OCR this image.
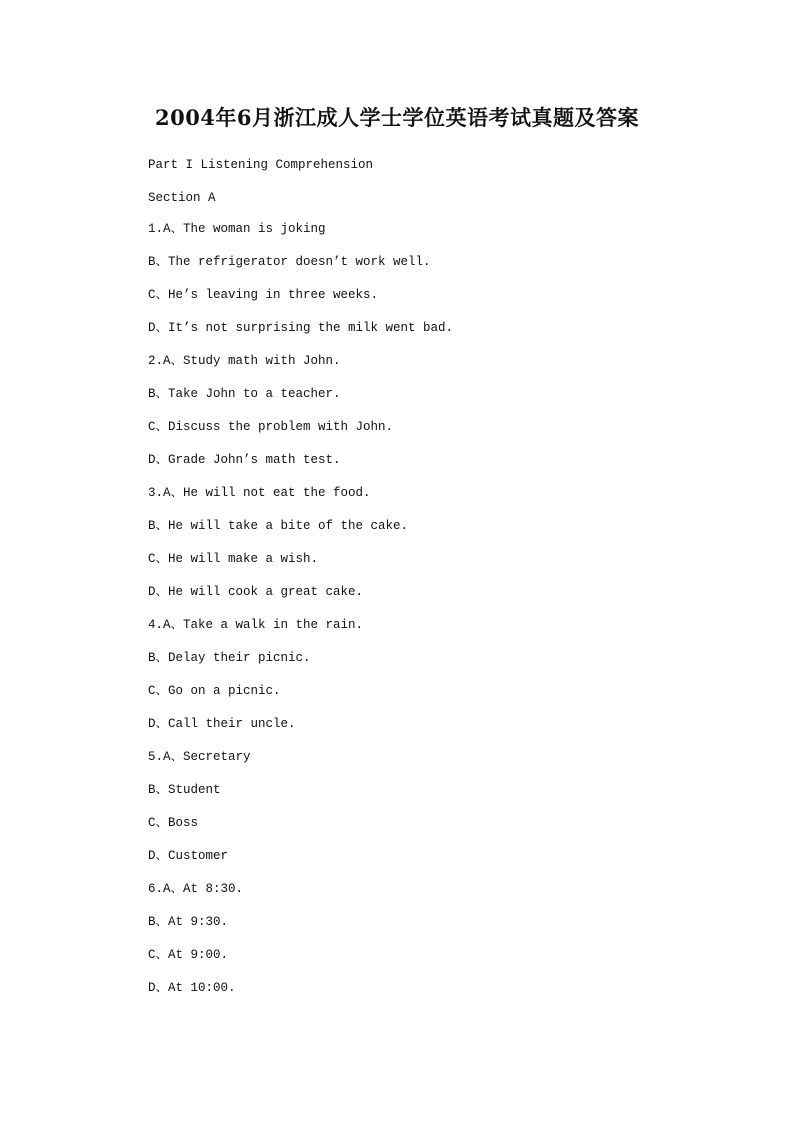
2004年6月浙江成人学士学位英语考试真题及答案
Part I Listening Comprehension
Section A
1.A、The woman is joking
B、The refrigerator doesn’t work well.
C、He’s leaving in three weeks.
D、It’s not surprising the milk went bad.
2.A、Study math with John.
B、Take John to a teacher.
C、Discuss the problem with John.
D、Grade John’s math test.
3.A、He will not eat the food.
B、He will take a bite of the cake.
C、He will make a wish.
D、He will cook a great cake.
4.A、Take a walk in the rain.
B、Delay their picnic.
C、Go on a picnic.
D、Call their uncle.
5.A、Secretary
B、Student
C、Boss
D、Customer
6.A、At 8:30.
B、At 9:30.
C、At 9:00.
D、At 10:00.
